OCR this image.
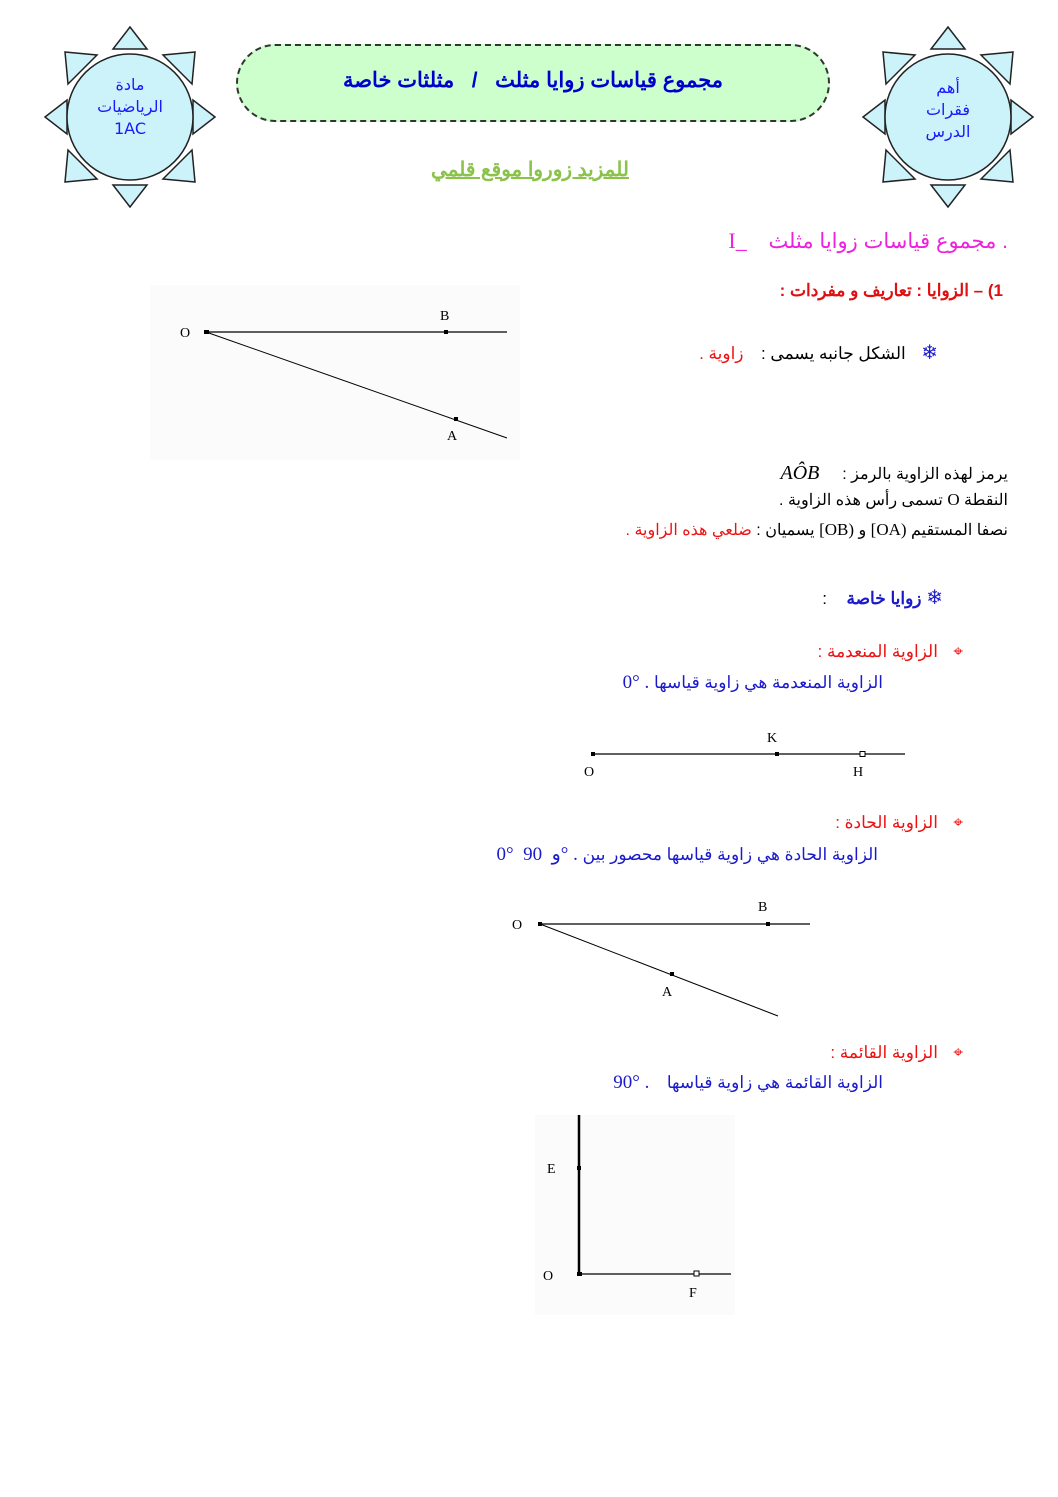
مادة
الرياضيات
1AC
أهم
فقرات
الدرس
مجموع قياسات زوايا مثلث   /   مثلثات خاصة
للمزيد زوروا موقع قلمي
I_ مجموع قياسات زوايا مثلث .
1) – الزوايا : تعاريف و مفردات :
O
B
A
❄  الشكل جانبه يسمى :  زاوية .
يرمز لهذه الزاوية بالرمز :  AÔB
النقطة O تسمى رأس هذه الزاوية .
نصفا المستقيم [OA) و [OB) يسميان : ضلعي هذه الزاوية .
❄ زوايا خاصة  :
⌖  الزاوية المنعدمة :
الزاوية المنعدمة هي زاوية قياسها 0° .
O
K
H
⌖  الزاوية الحادة :
الزاوية الحادة هي زاوية قياسها محصور بين 0°  و  90° .
O
B
A
⌖  الزاوية القائمة :
الزاوية القائمة هي زاوية قياسها  90° .
E
O
F
